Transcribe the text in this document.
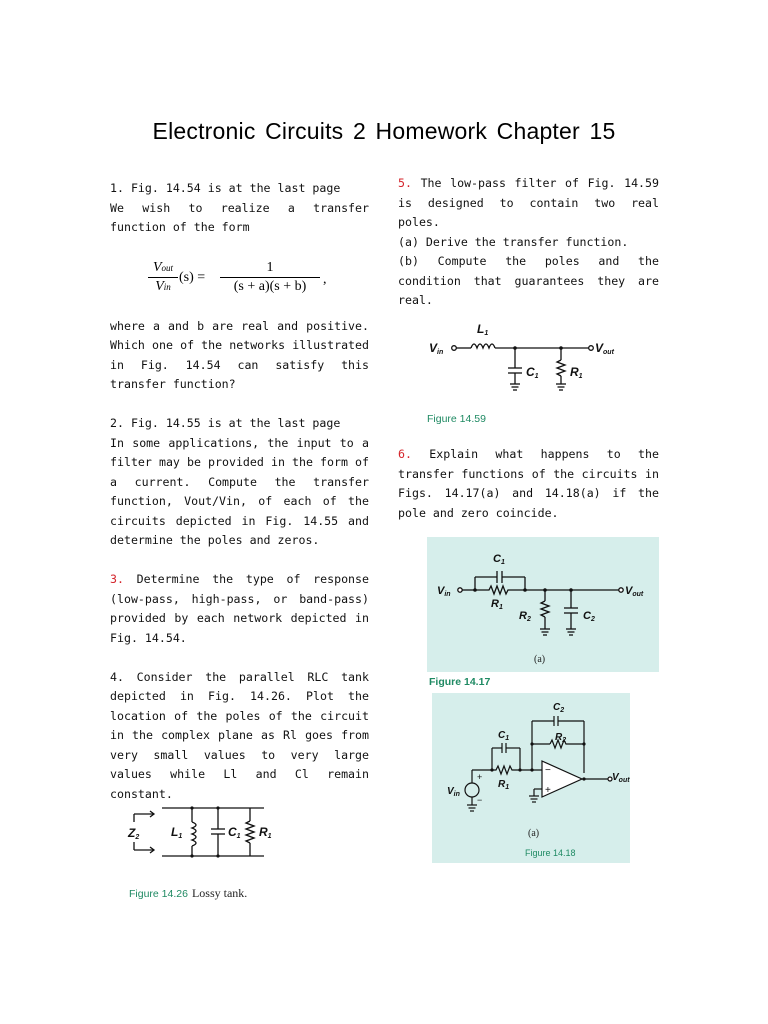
Electronic Circuits 2 Homework Chapter 15

1. Fig. 14.54 is at the last page

We wish to realize a transfer function of the form

where a and b are real and positive. Which one of the networks illustrated in Fig. 14.54 can satisfy this transfer function?

2. Fig. 14.55 is at the last page

In some applications, the input to a filter may be provided in the form of a current. Compute the transfer function, Vout/Vin, of each of the circuits depicted in Fig. 14.55 and determine the poles and zeros.

3. Determine the type of response (low-pass, high-pass, or band-pass) provided by each network depicted in Fig. 14.54.

4. Consider the parallel RLC tank depicted in Fig. 14.26. Plot the location of the poles of the circuit in the complex plane as Rl goes from very small values to very large values while Ll and Cl remain constant.

Vout
Vin
(s) =
1
(s + a)(s + b)	,

5. The low-pass filter of Fig. 14.59 is designed to contain two real poles.

(a) Derive the transfer function.

(b) Compute the poles and the condition that guarantees they are real.

6. Explain what happens to the transfer functions of the circuits in Figs. 14.17(a) and 14.18(a) if the pole and zero coincide.

Vin	Vout
L1
C1	R1
Figure 14.59
Vin	Vout
C1
R1
R2	C2
(a)
Figure 14.17
−
+
+
−
$V_{in}$
$V_{out}$
$C_1$
$R_1$
$R_2$
$C_2$
(a)
Figure 14.18
Z2	L1	C1 R1
Figure 14.26 Lossy tank.
